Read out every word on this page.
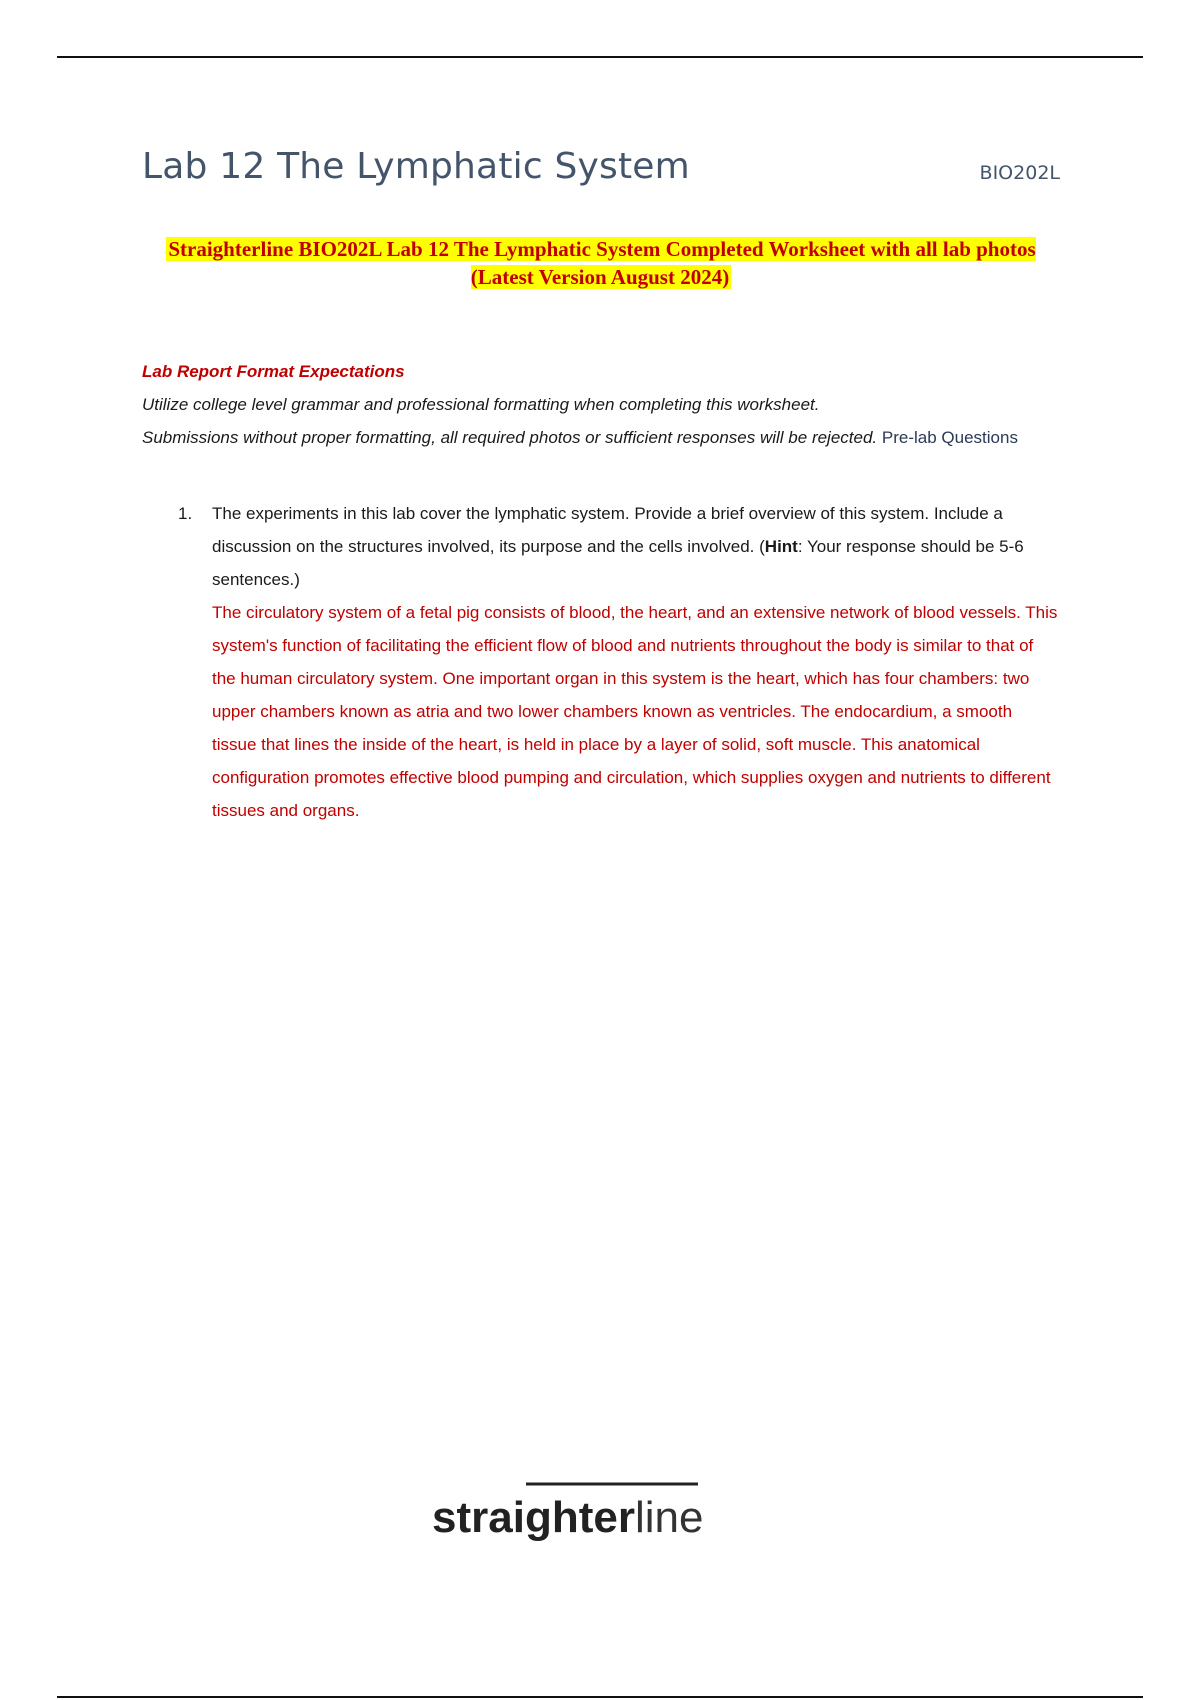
Lab 12 The Lymphatic System	BIO202L
Straighterline BIO202L Lab 12 The Lymphatic System Completed Worksheet with all lab photos (Latest Version August 2024)
Lab Report Format Expectations
Utilize college level grammar and professional formatting when completing this worksheet.
Submissions without proper formatting, all required photos or sufficient responses will be rejected. Pre-lab Questions
1.	The experiments in this lab cover the lymphatic system. Provide a brief overview of this system. Include a discussion on the structures involved, its purpose and the cells involved. (Hint: Your response should be 5-6 sentences.)
The circulatory system of a fetal pig consists of blood, the heart, and an extensive network of blood vessels. This system's function of facilitating the efficient flow of blood and nutrients throughout the body is similar to that of the human circulatory system. One important organ in this system is the heart, which has four chambers: two upper chambers known as atria and two lower chambers known as ventricles. The endocardium, a smooth tissue that lines the inside of the heart, is held in place by a layer of solid, soft muscle. This anatomical configuration promotes effective blood pumping and circulation, which supplies oxygen and nutrients to different tissues and organs.
straighterline
